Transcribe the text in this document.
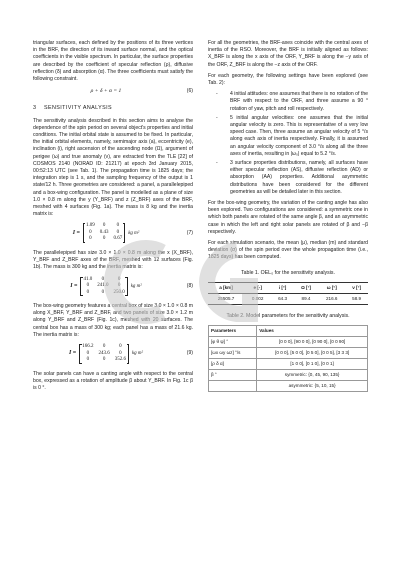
triangular surfaces, each defined by the positions of its three vertices in the BRF, the direction of its inward surface normal, and the optical coefficients in the visible spectrum. In particular, the surface properties are described by the coefficient of specular reflection (ρ), diffusive reflection (δ) and absorption (α). The three coefficients must satisfy the following constraint.

ρ + δ + α = 1	(6)
3 SENSITIVITY ANALYSIS

The sensitivity analysis described in this section aims to analyse the dependence of the spin period on several object's properties and initial conditions. The initial orbital state is assumed to be fixed. In particular, the initial orbital elements, namely, semimajor axis (a), eccentricity (e), inclination (i), right ascension of the ascending node (Ω), argument of perigee (ω) and true anomaly (ν), are extracted from the TLE [22] of COSMOS 2140 (NORAD ID: 21217) at epoch 3rd January 2015, 00:52:13 UTC (see Tab. 1). The propagation time is 1825 days; the integration step is 1 s, and the sampling frequency of the output is 1 state/12 h. Three geometries are considered: a panel, a parallelepiped and a box-wing configuration. The panel is modelled as a plane of size 1.0 × 0.8 m along the y (Y_BRF) and z (Z_BRF) axes of the BRF, meshed with 4 surfaces (Fig. 1a). The mass is 8 kg and the inertia matrix is:

I =
1.09	0	0
0	0.43	0
0	0	0.67
kg m²	(7)

The parallelepiped has size 3.0 × 1.0 × 0.8 m along the x (X_BRF), Y_BRF and Z_BRF axes of the BRF, meshed with 12 surfaces (Fig. 1b). The mass is 300 kg and the inertia matrix is:

I =
41.0	0	0
0	241.0	0
0	0	250.0
kg m²	(8)

The box-wing geometry features a central box of size 3.0 × 1.0 × 0.8 m along X_BRF, Y_BRF and Z_BRF, and two panels of size 3.0 × 1.2 m along Y_BRF and Z_BRF (Fig. 1c), meshed with 20 surfaces. The central box has a mass of 300 kg; each panel has a mass of 21.6 kg. The inertia matrix is:

I =
166.2	0	0
0	243.6	0
0	0	352.6
kg m²	(9)

The solar panels can have a canting angle with respect to the central box, expressed as a rotation of amplitude β about Y_BRF. In Fig. 1c β is 0 °.

For all the geometries, the BRF-axes coincide with the central axes of inertia of the RSO. Moreover, the BRF is initially aligned as follows: X_BRF is along the x axis of the ORF, Y_BRF is along the −y axis of the ORF, Z_BRF is along the −z axis of the ORF.

For each geometry, the following settings have been explored (see Tab. 2):

-	4 initial attitudes: one assumes that there is no rotation of the BRF with respect to the ORF, and three assume a 90 ° rotation of yaw, pitch and roll respectively.
-	5 initial angular velocities: one assumes that the initial angular velocity is zero. This is representative of a very low speed case. Then, three assume an angular velocity of 5 °/s along each axis of inertia respectively. Finally, it is assumed an angular velocity component of 3.0 °/s along all the three axes of inertia, resulting in |ω₀| equal to 5.2 °/s.
-	3 surface properties distributions, namely, all surfaces have either specular reflection (AS), diffusive reflection (AD) or absorption (AA) properties. Additional asymmetric distributions have been considered for the different geometries as will be detailed later in this section.

For the box-wing geometry, the variation of the canting angle has also been explored. Two configurations are considered: a symmetric one in which both panels are rotated of the same angle β, and an asymmetric case in which the left and right solar panels are rotated of β and −β respectively.

For each simulation scenario, the mean (μ), median (m) and standard deviation (σ) of the spin period over the whole propagation time (i.e., 1825 days) has been computed.

Table 1. OEL₀ for the sensitivity analysis.
a [km]	e [-]	i [°]	Ω [°]	ω [°]	ν [°]
25505.7	0.002	64.3	89.4	216.6	58.9
Table 2. Model parameters for the sensitivity analysis.
Parameters	Values
[φ θ ψ] °	[0 0 0], [90 0 0], [0 90 0], [0 0 90]
[ωx ωy ωz] °/s	[0 0 0], [5 0 0], [0 5 0], [0 0 5], [3 3 3]
[ρ δ α]	[1 0 0], [0 1 0], [0 0 1]
β °	symmetric: {0, 45, 90, 135}
	asymmetric: {5, 10, 15}
